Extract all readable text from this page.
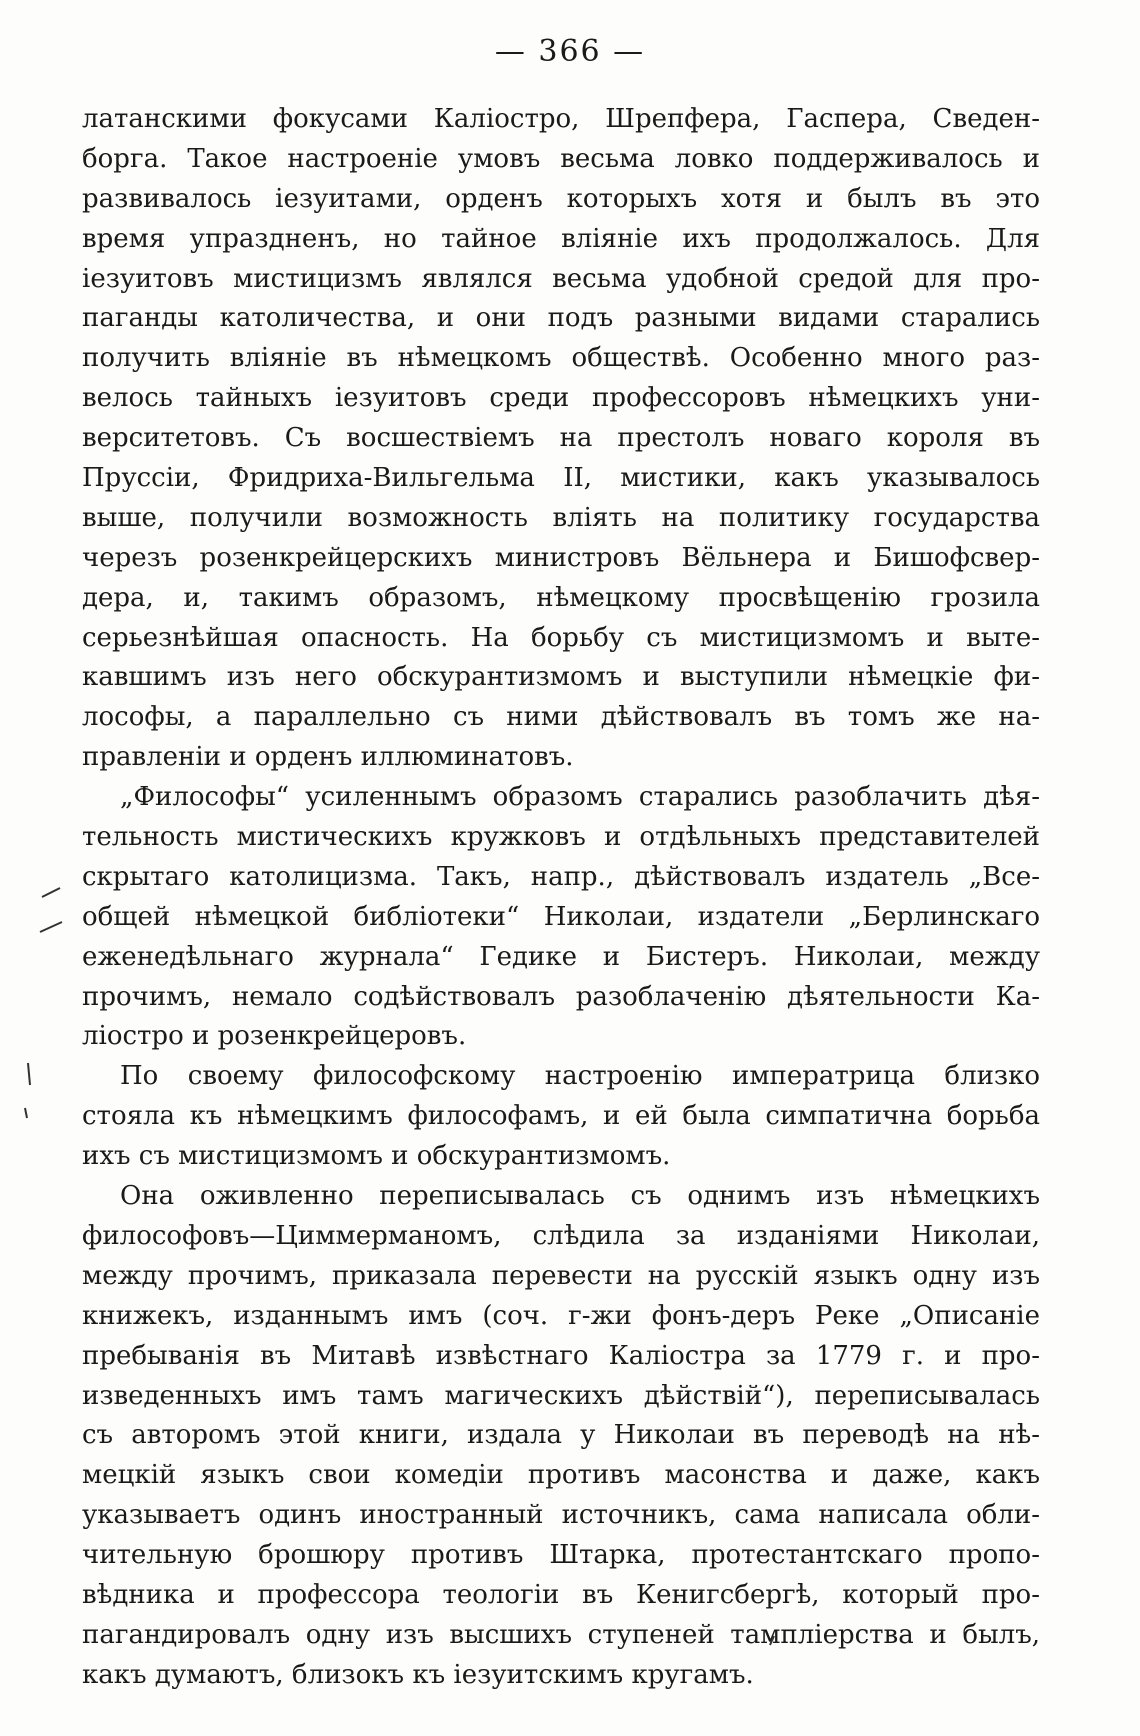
— 366 —
латанскими фокусами Каліостро, Шрепфера, Гаспера, Сведен-
борга. Такое настроеніе умовъ весьма ловко поддерживалось и
развивалось іезуитами, орденъ которыхъ хотя и былъ въ это
время упраздненъ, но тайное вліяніе ихъ продолжалось. Для
іезуитовъ мистицизмъ являлся весьма удобной средой для про-
паганды католичества, и они подъ разными видами старались
получить вліяніе въ нѣмецкомъ обществѣ. Особенно много раз-
велось тайныхъ іезуитовъ среди профессоровъ нѣмецкихъ уни-
верситетовъ. Съ восшествіемъ на престолъ новаго короля въ
Пруссіи, Фридриха-Вильгельма II, мистики, какъ указывалось
выше, получили возможность вліять на политику государства
черезъ розенкрейцерскихъ министровъ Вёльнера и Бишофсвер-
дера, и, такимъ образомъ, нѣмецкому просвѣщенію грозила
серьезнѣйшая опасность. На борьбу съ мистицизмомъ и выте-
кавшимъ изъ него обскурантизмомъ и выступили нѣмецкіе фи-
лософы, а параллельно съ ними дѣйствовалъ въ томъ же на-
правленіи и орденъ иллюминатовъ.
„Философы“ усиленнымъ образомъ старались разоблачить дѣя-
тельность мистическихъ кружковъ и отдѣльныхъ представителей
скрытаго католицизма. Такъ, напр., дѣйствовалъ издатель „Все-
общей нѣмецкой библіотеки“ Николаи, издатели „Берлинскаго
еженедѣльнаго журнала“ Гедике и Бистеръ. Николаи, между
прочимъ, немало содѣйствовалъ разоблаченію дѣятельности Ка-
ліостро и розенкрейцеровъ.
По своему философскому настроенію императрица близко
стояла къ нѣмецкимъ философамъ, и ей была симпатична борьба
ихъ съ мистицизмомъ и обскурантизмомъ.
Она оживленно переписывалась съ однимъ изъ нѣмецкихъ
философовъ—Циммерманомъ, слѣдила за изданіями Николаи,
между прочимъ, приказала перевести на русскій языкъ одну изъ
книжекъ, изданнымъ имъ (соч. г-жи фонъ-деръ Реке „Описаніе
пребыванія въ Митавѣ извѣстнаго Каліостра за 1779 г. и про-
изведенныхъ имъ тамъ магическихъ дѣйствій“), переписывалась
съ авторомъ этой книги, издала у Николаи въ переводѣ на нѣ-
мецкій языкъ свои комедіи противъ масонства и даже, какъ
указываетъ одинъ иностранный источникъ, сама написала обли-
чительную брошюру противъ Штарка, протестантскаго пропо-
вѣдника и профессора теологіи въ Кенигсбергѣ, который про-
пагандировалъ одну изъ высшихъ ступеней тампліерства и былъ,
какъ думаютъ, близокъ къ іезуитскимъ кругамъ.
